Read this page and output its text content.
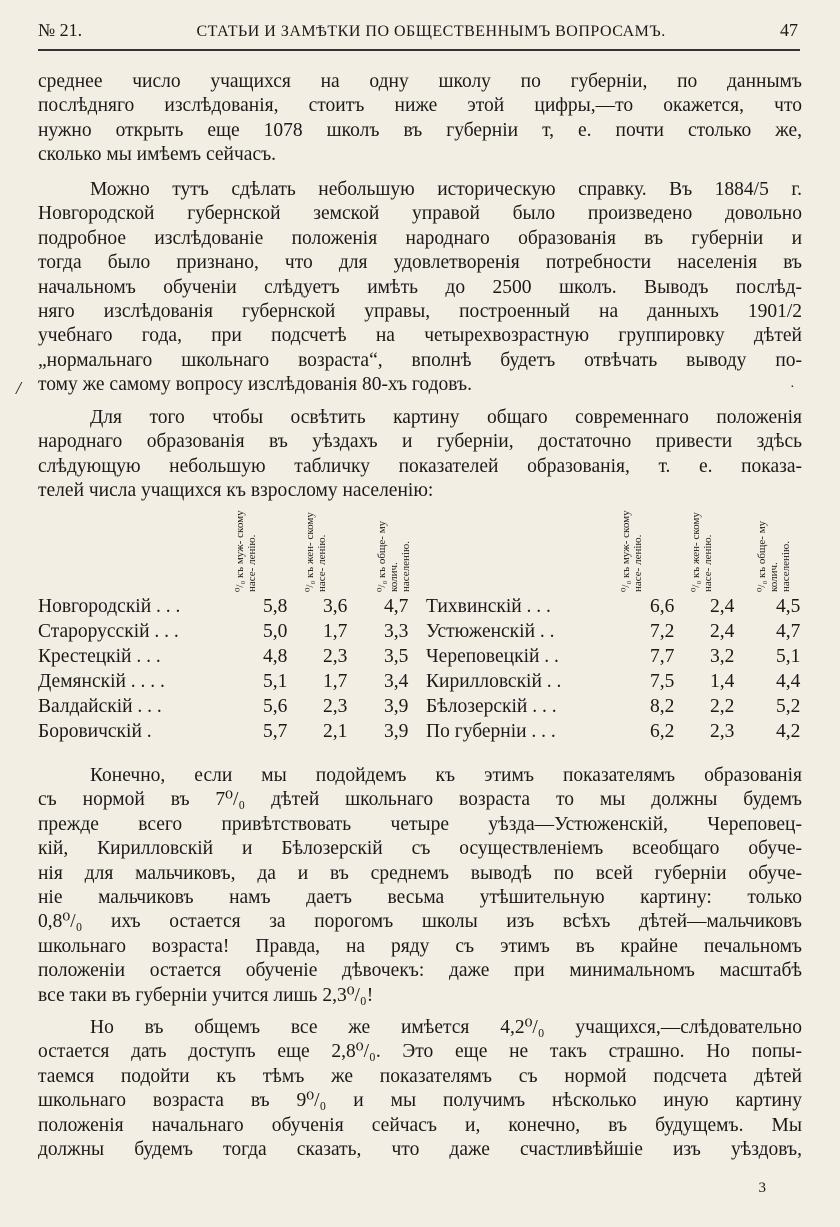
№ 21.	СТАТЬИ И ЗАМѢТКИ ПО ОБЩЕСТВЕННЫМЪ ВОПРОСАМЪ.	47
среднее число учащихся на одну школу по губерніи, по даннымъ
послѣдняго изслѣдованія, стоитъ ниже этой цифры,—то окажется, что
нужно открыть еще 1078 школъ въ губерніи т, е. почти столько же,
сколько мы имѣемъ сейчасъ.
Можно тутъ сдѣлать небольшую историческую справку. Въ 1884/5 г.
Новгородской губернской земской управой было произведено довольно
подробное изслѣдованіе положенія народнаго образованія въ губерніи и
тогда было признано, что для удовлетворенія потребности населенія въ
начальномъ обученіи слѣдуетъ имѣть до 2500 школъ. Выводъ послѣд-
няго изслѣдованія губернской управы, построенный на данныхъ 1901/2
учебнаго года, при подсчетѣ на четырехвозрастную группировку дѣтей
„нормальнаго школьнаго возраста“, вполнѣ будетъ отвѣчать выводу по-
тому же самому вопросу изслѣдованія 80-хъ годовъ.
/	·
Для того чтобы освѣтить картину общаго современнаго положенія
народнаго образованія въ уѣздахъ и губерніи, достаточно привести здѣсь
слѣдующую небольшую табличку показателей образованія, т. е. показа-
телей числа учащихся къ взрослому населенію:
⁰/₀ къ муж- скому насе- ленію.	⁰/₀ къ жен- скому насе- ленію.	⁰/₀ къ обще- му колич. населенію.	⁰/₀ къ муж- скому насе- ленію.	⁰/₀ къ жен- скому насе- ленію.	⁰/₀ къ обще- му колич. населенію.
Новгородскій . . .	5,8 3,6 4,7 Тихвинскій . . .	6,6 2,4 4,5
Старорусскій . . .	5,0 1,7 3,3 Устюженскій . .	7,2 2,4 4,7
Крестецкій . . .	4,8 2,3 3,5 Череповецкій . .	7,7 3,2 5,1
Демянскій . . . .	5,1 1,7 3,4 Кирилловскій . .	7,5 1,4 4,4
Валдайскій . . .	5,6 2,3 3,9 Бѣлозерскій . . .	8,2 2,2 5,2
Боровичскій .	5,7 2,1 3,9 По губерніи . . .	6,2 2,3 4,2
Конечно, если мы подойдемъ къ этимъ показателямъ образованія
съ нормой въ 7⁰/₀ дѣтей школьнаго возраста то мы должны будемъ
прежде всего привѣтствовать четыре уѣзда—Устюженскій, Череповец-
кій, Кирилловскій и Бѣлозерскій съ осуществленіемъ всеобщаго обуче-
нія для мальчиковъ, да и въ среднемъ выводѣ по всей губерніи обуче-
ніе мальчиковъ намъ даетъ весьма утѣшительную картину: только
0,8⁰/₀ ихъ остается за порогомъ школы изъ всѣхъ дѣтей—мальчиковъ
школьнаго возраста! Правда, на ряду съ этимъ въ крайне печальномъ
положеніи остается обученіе дѣвочекъ: даже при минимальномъ масштабѣ
все таки въ губерніи учится лишь 2,3⁰/₀!
Но въ общемъ все же имѣется 4,2⁰/₀ учащихся,—слѣдовательно
остается дать доступъ еще 2,8⁰/₀. Это еще не такъ страшно. Но попы-
таемся подойти къ тѣмъ же показателямъ съ нормой подсчета дѣтей
школьнаго возраста въ 9⁰/₀ и мы получимъ нѣсколько иную картину
положенія начальнаго обученія сейчасъ и, конечно, въ будущемъ. Мы
должны будемъ тогда сказать, что даже счастливѣйшіе изъ уѣздовъ,
3
